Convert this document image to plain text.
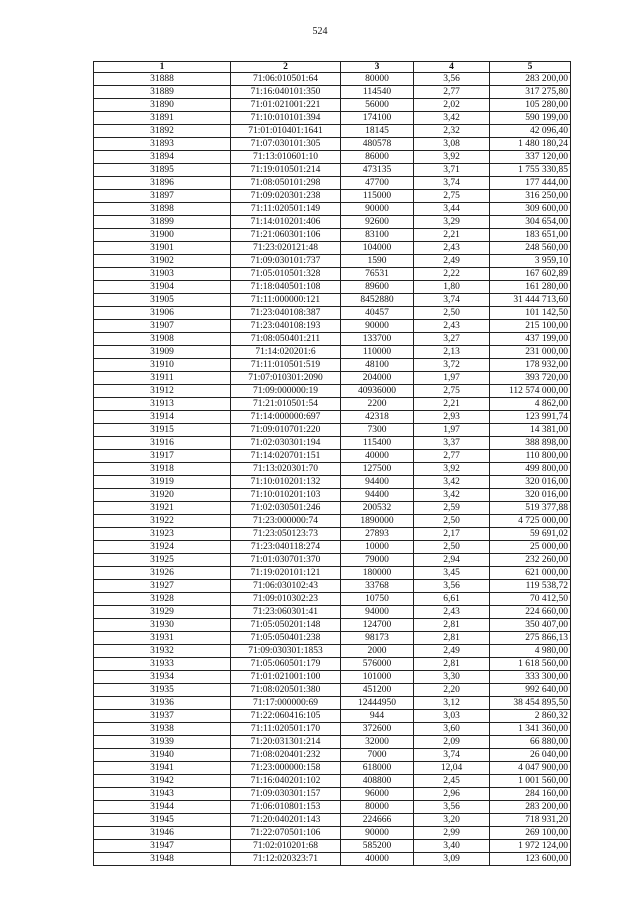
524
1	2	3	4	5
31888	71:06:010501:64	80000	3,56	283 200,00
31889	71:16:040101:350	114540	2,77	317 275,80
31890	71:01:021001:221	56000	2,02	105 280,00
31891	71:10:010101:394	174100	3,42	590 199,00
31892	71:01:010401:1641	18145	2,32	42 096,40
31893	71:07:030101:305	480578	3,08	1 480 180,24
31894	71:13:010601:10	86000	3,92	337 120,00
31895	71:19:010501:214	473135	3,71	1 755 330,85
31896	71:08:050101:298	47700	3,74	177 444,00
31897	71:09:020301:238	115000	2,75	316 250,00
31898	71:11:020501:149	90000	3,44	309 600,00
31899	71:14:010201:406	92600	3,29	304 654,00
31900	71:21:060301:106	83100	2,21	183 651,00
31901	71:23:020121:48	104000	2,43	248 560,00
31902	71:09:030101:737	1590	2,49	3 959,10
31903	71:05:010501:328	76531	2,22	167 602,89
31904	71:18:040501:108	89600	1,80	161 280,00
31905	71:11:000000:121	8452880	3,74	31 444 713,60
31906	71:23:040108:387	40457	2,50	101 142,50
31907	71:23:040108:193	90000	2,43	215 100,00
31908	71:08:050401:211	133700	3,27	437 199,00
31909	71:14:020201:6	110000	2,13	231 000,00
31910	71:11:010501:519	48100	3,72	178 932,00
31911	71:07:010301:2090	204000	1,97	393 720,00
31912	71:09:000000:19	40936000	2,75	112 574 000,00
31913	71:21:010501:54	2200	2,21	4 862,00
31914	71:14:000000:697	42318	2,93	123 991,74
31915	71:09:010701:220	7300	1,97	14 381,00
31916	71:02:030301:194	115400	3,37	388 898,00
31917	71:14:020701:151	40000	2,77	110 800,00
31918	71:13:020301:70	127500	3,92	499 800,00
31919	71:10:010201:132	94400	3,42	320 016,00
31920	71:10:010201:103	94400	3,42	320 016,00
31921	71:02:030501:246	200532	2,59	519 377,88
31922	71:23:000000:74	1890000	2,50	4 725 000,00
31923	71:23:050123:73	27893	2,17	59 691,02
31924	71:23:040118:274	10000	2,50	25 000,00
31925	71:01:030701:370	79000	2,94	232 260,00
31926	71:19:020101:121	180000	3,45	621 000,00
31927	71:06:030102:43	33768	3,56	119 538,72
31928	71:09:010302:23	10750	6,61	70 412,50
31929	71:23:060301:41	94000	2,43	224 660,00
31930	71:05:050201:148	124700	2,81	350 407,00
31931	71:05:050401:238	98173	2,81	275 866,13
31932	71:09:030301:1853	2000	2,49	4 980,00
31933	71:05:060501:179	576000	2,81	1 618 560,00
31934	71:01:021001:100	101000	3,30	333 300,00
31935	71:08:020501:380	451200	2,20	992 640,00
31936	71:17:000000:69	12444950	3,12	38 454 895,50
31937	71:22:060416:105	944	3,03	2 860,32
31938	71:11:020501:170	372600	3,60	1 341 360,00
31939	71:20:031301:214	32000	2,09	66 880,00
31940	71:08:020401:232	7000	3,74	26 040,00
31941	71:23:000000:158	618000	12,04	4 047 900,00
31942	71:16:040201:102	408800	2,45	1 001 560,00
31943	71:09:030301:157	96000	2,96	284 160,00
31944	71:06:010801:153	80000	3,56	283 200,00
31945	71:20:040201:143	224666	3,20	718 931,20
31946	71:22:070501:106	90000	2,99	269 100,00
31947	71:02:010201:68	585200	3,40	1 972 124,00
31948	71:12:020323:71	40000	3,09	123 600,00
